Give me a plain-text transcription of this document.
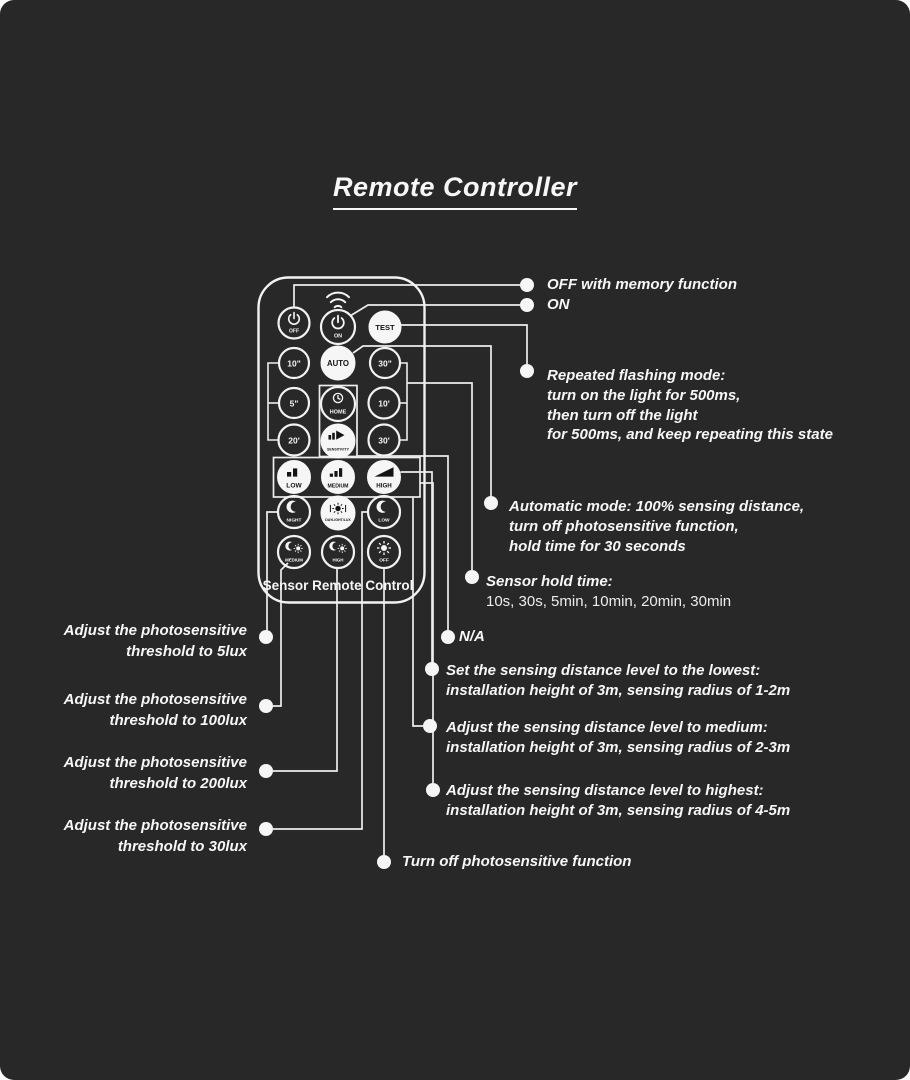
Remote Controller
OFF
ON
TEST
10"	AUTO	30"
5"
HOME
10'
20'
SENSITIVITY
30'
LOW	MEDIUM	HIGH
NIGHT	DAYLIGHT/LUX	LOW
MEDIUM	HIGH	OFF
Sensor Remote Control
OFF with memory function
ON
Repeated flashing mode:
turn on the light for 500ms,
then turn off the light
for 500ms, and keep repeating this state
Automatic mode: 100% sensing distance,
turn off photosensitive function,
hold time for 30 seconds
Sensor hold time:
10s, 30s, 5min, 10min, 20min, 30min
N/A
Set the sensing distance level to the lowest:
installation height of 3m, sensing radius of 1-2m
Adjust the sensing distance level to medium:
installation height of 3m, sensing radius of 2-3m
Adjust the sensing distance level to highest:
installation height of 3m, sensing radius of 4-5m
Turn off photosensitive function
Adjust the photosensitive
threshold to 5lux
Adjust the photosensitive
threshold to 100lux
Adjust the photosensitive
threshold to 200lux
Adjust the photosensitive
threshold to 30lux
